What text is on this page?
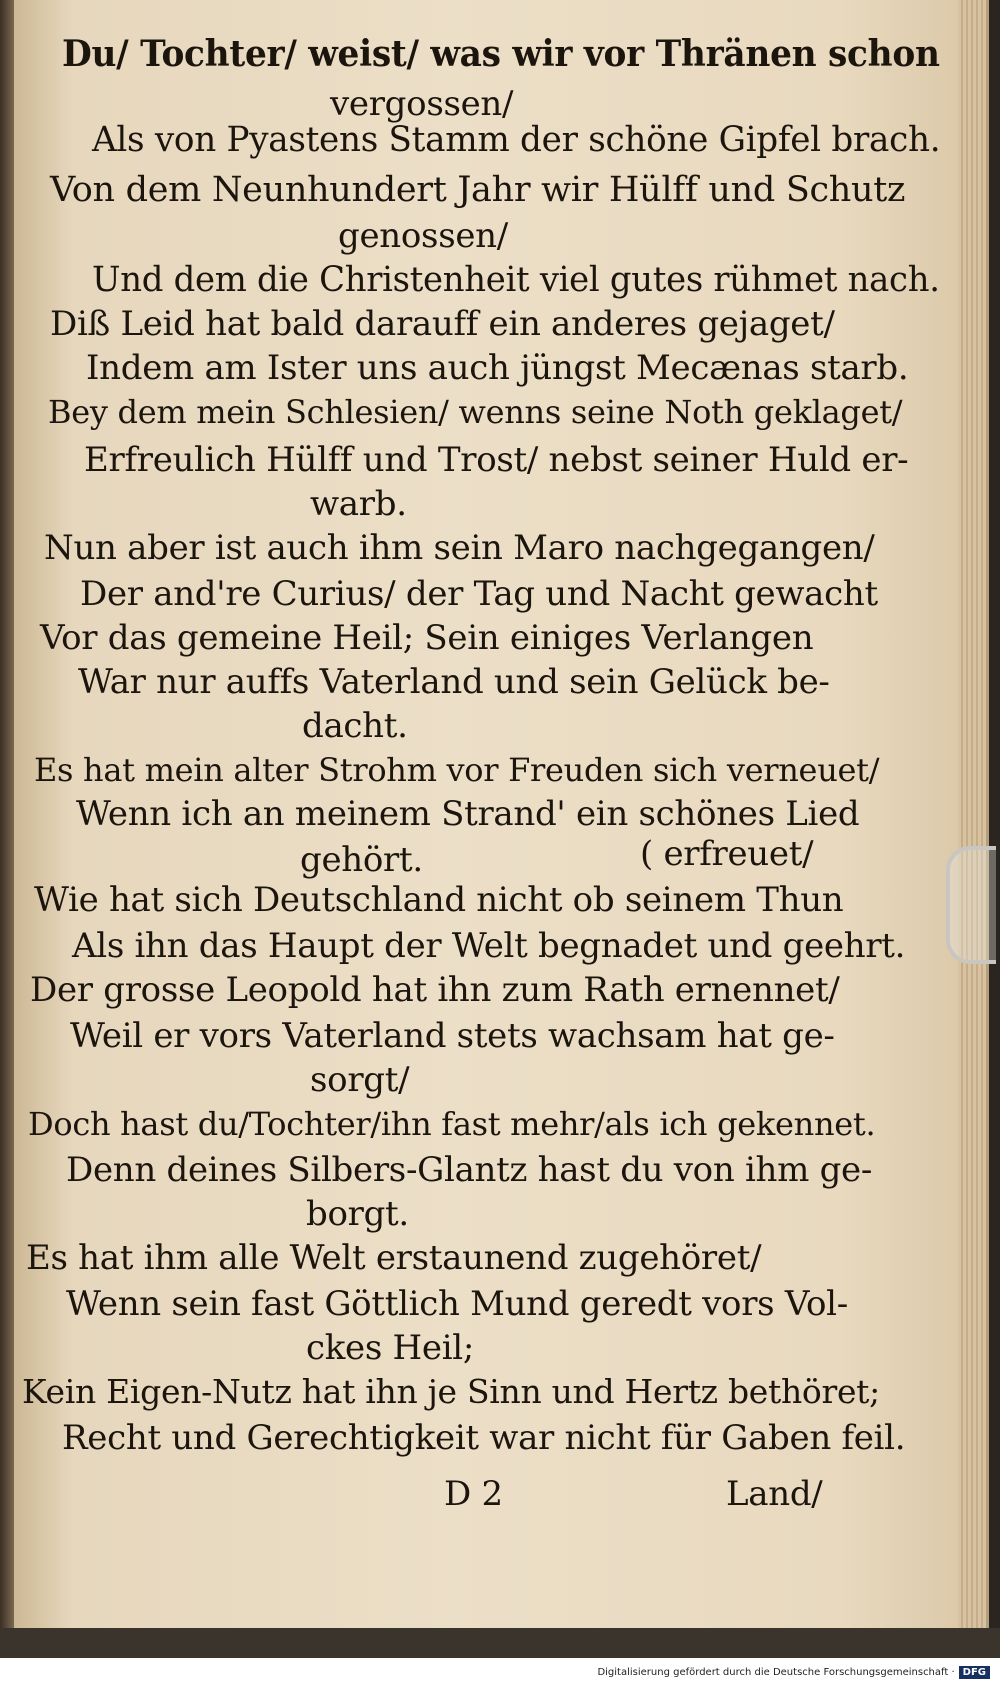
Du/ Tochter/ weist/ was wir vor Thränen schon
vergossen/
Als von Pyastens Stamm der schöne Gipfel brach.
Von dem Neunhundert Jahr wir Hülff und Schutz
genossen/
Und dem die Christenheit viel gutes rühmet nach.
Diß Leid hat bald darauff ein anderes gejaget/
Indem am Ister uns auch jüngst Mecænas starb.
Bey dem mein Schlesien/ wenns seine Noth geklaget/
Erfreulich Hülff und Trost/ nebst seiner Huld er-
warb.
Nun aber ist auch ihm sein Maro nachgegangen/
Der and're Curius/ der Tag und Nacht gewacht
Vor das gemeine Heil; Sein einiges Verlangen
War nur auffs Vaterland und sein Gelück be-
dacht.
Es hat mein alter Strohm vor Freuden sich verneuet/
Wenn ich an meinem Strand' ein schönes Lied
gehört.	( erfreuet/
Wie hat sich Deutschland nicht ob seinem Thun
Als ihn das Haupt der Welt begnadet und geehrt.
Der grosse Leopold hat ihn zum Rath ernennet/
Weil er vors Vaterland stets wachsam hat ge-
sorgt/
Doch hast du/Tochter/ihn fast mehr/als ich gekennet.
Denn deines Silbers-Glantz hast du von ihm ge-
borgt.
Es hat ihm alle Welt erstaunend zugehöret/
Wenn sein fast Göttlich Mund geredt vors Vol-
ckes Heil;
Kein Eigen-Nutz hat ihn je Sinn und Hertz bethöret;
Recht und Gerechtigkeit war nicht für Gaben feil.
D 2	Land/
Digitalisierung gefördert durch die Deutsche Forschungsgemeinschaft · DFG
